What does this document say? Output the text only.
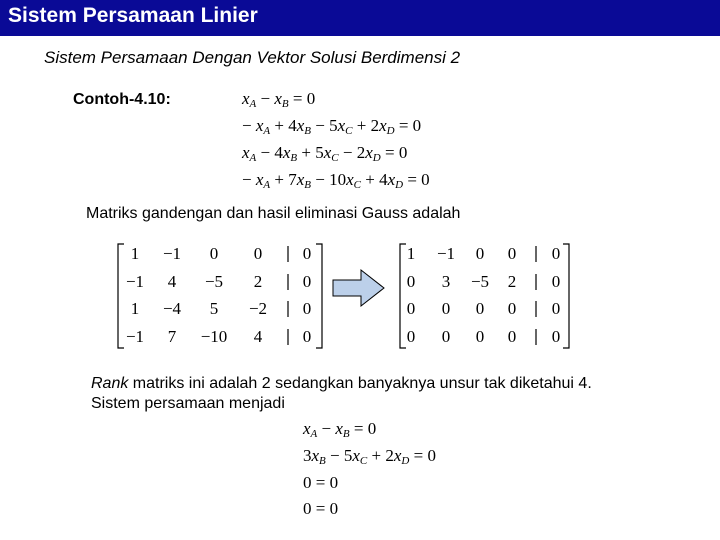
Sistem Persamaan Linier
Sistem Persamaan Dengan Vektor Solusi Berdimensi 2
Contoh-4.10:	$x_A - x_B = 0$
− $x_A + 4x_B - 5x_C + 2x_D = 0$
$x_A - 4x_B + 5x_C - 2x_D = 0$
− $x_A + 7x_B - 10x_C + 4x_D = 0$
Matriks gandengan dan hasil eliminasi Gauss adalah
1 −1 0 0 0
−1 4 −5 2 0
1 −4 5 −2 0
−1 7 −10 4 0
1 −1 0 0 0
0 3 −5 2 0
0 0 0 0 0
0 0 0 0 0
Rank matriks ini adalah 2 sedangkan banyaknya unsur tak diketahui 4.
Sistem persamaan menjadi
$x_A - x_B = 0$
$3x_B - 5x_C + 2x_D = 0$
0 = 0
0 = 0
